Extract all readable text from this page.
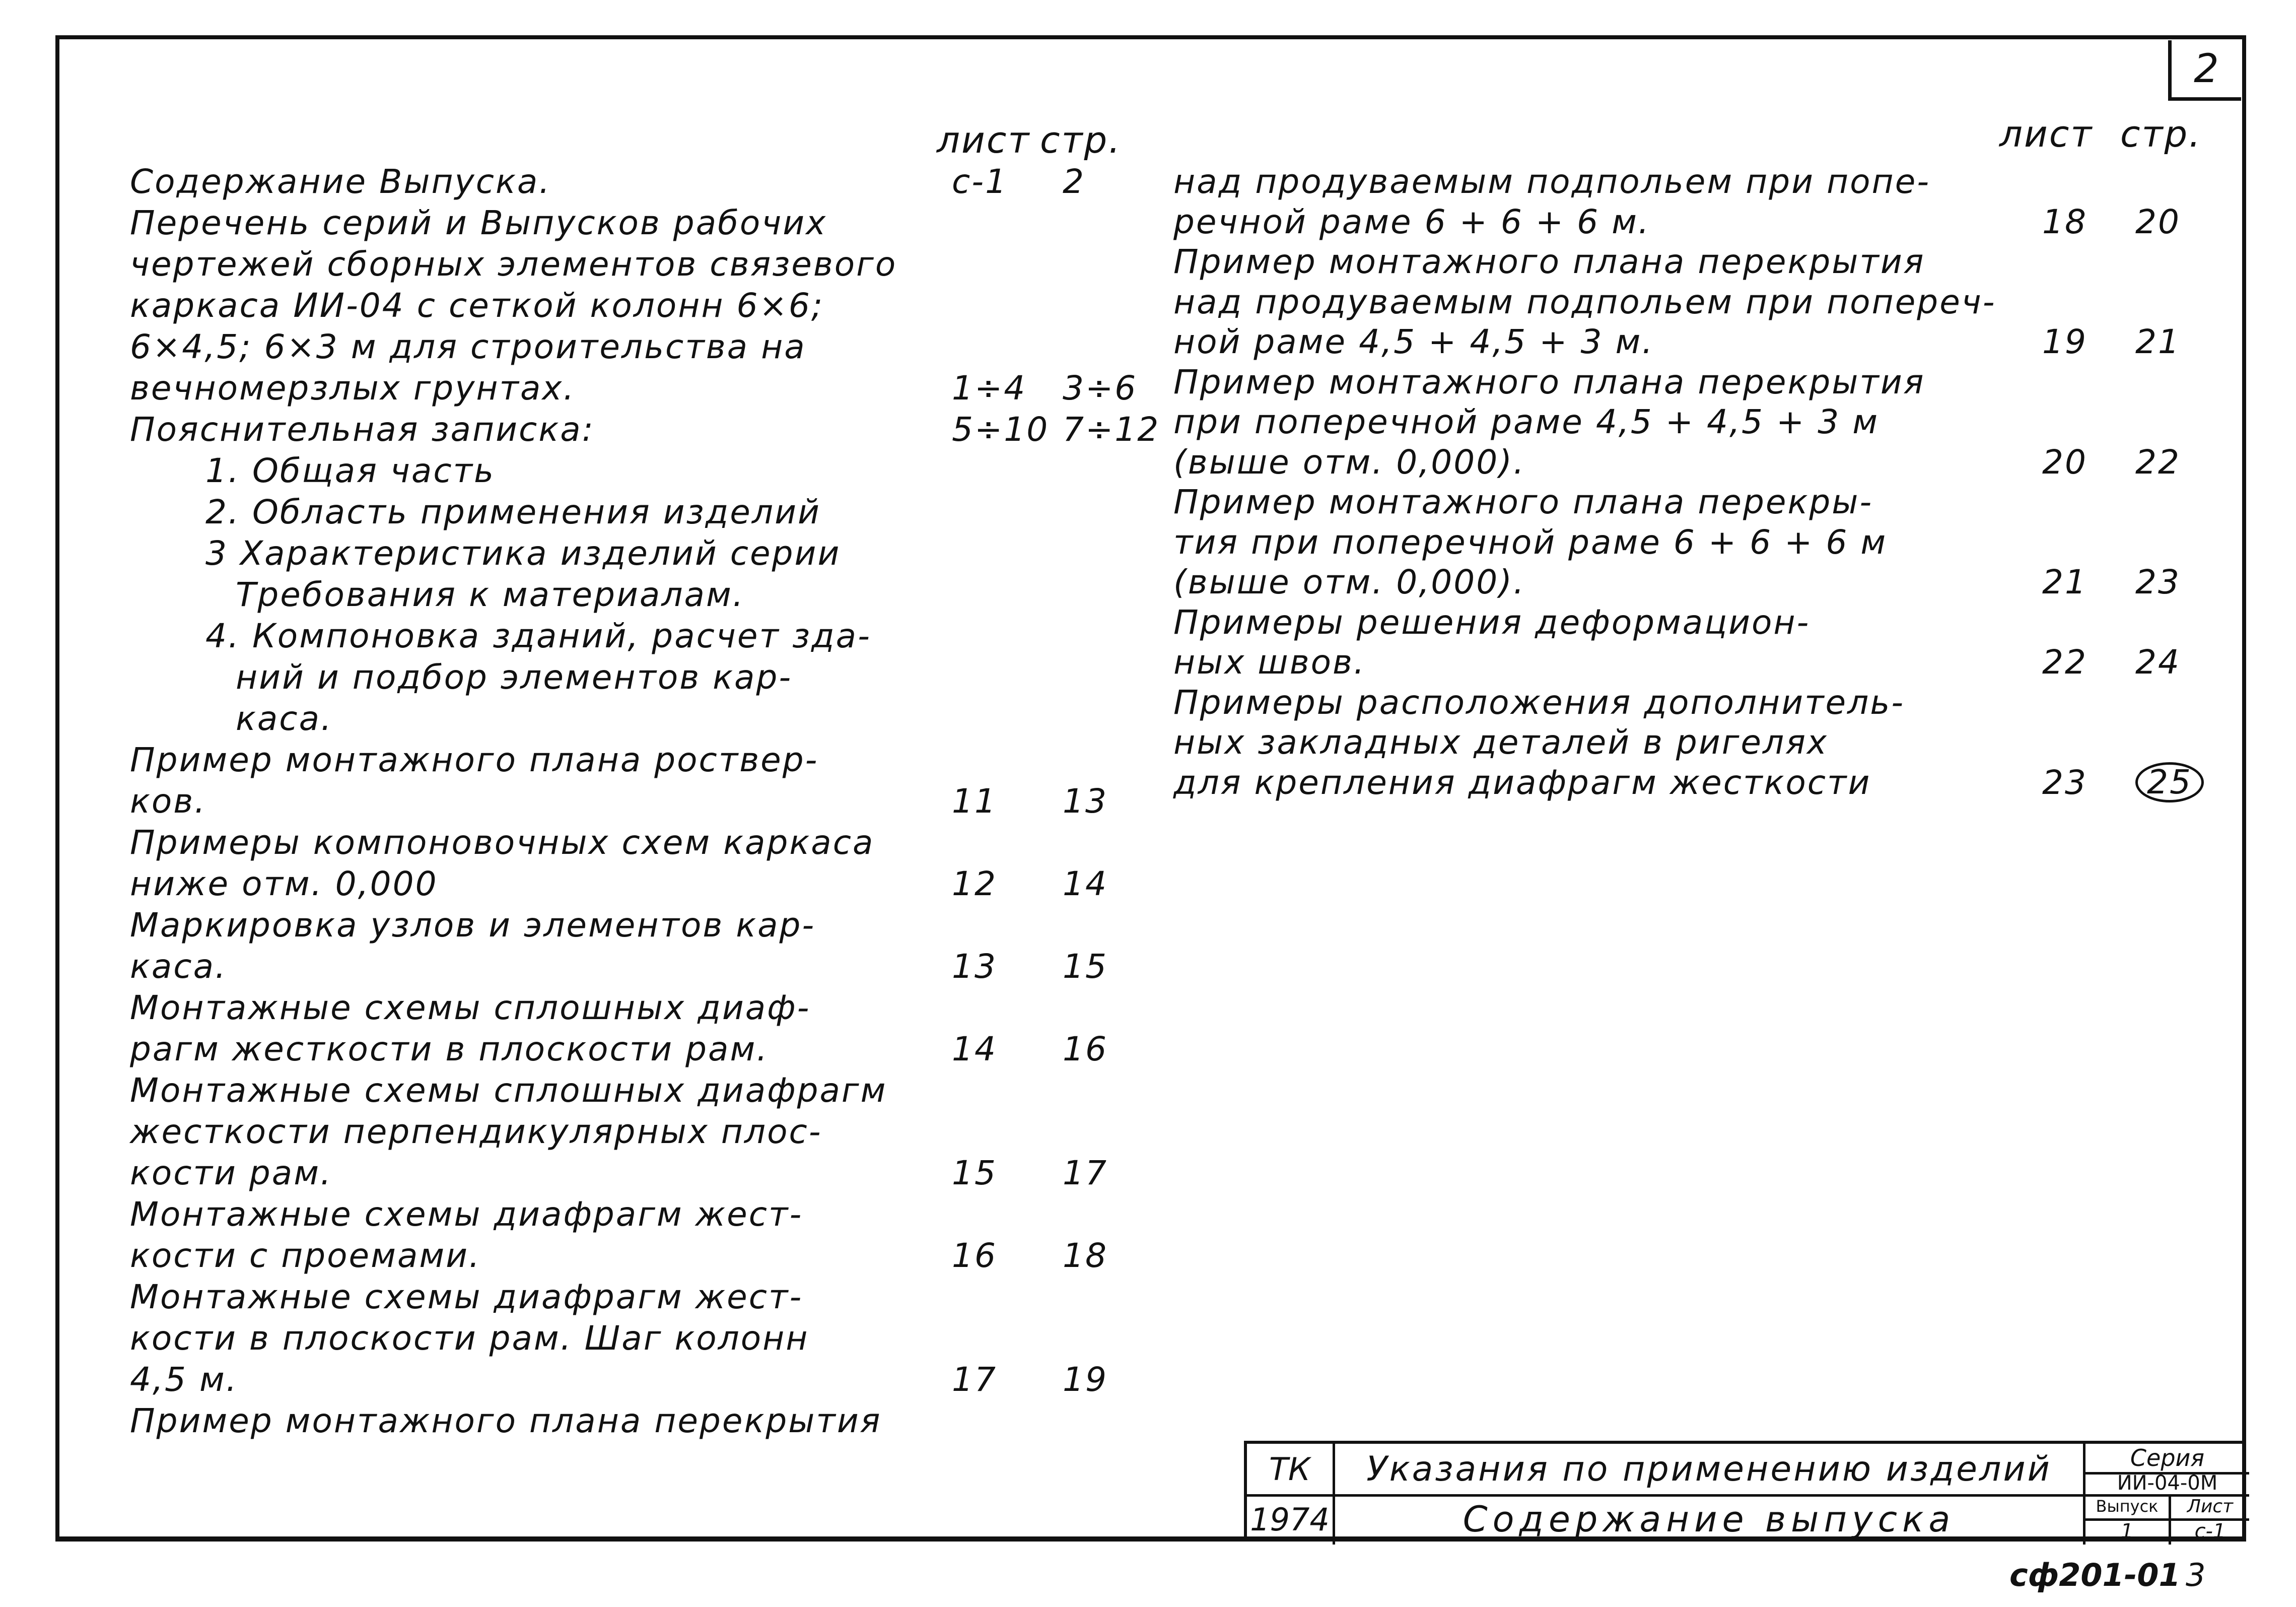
2
лист стр.	лист стр.
Содержание Выпуска.	с-1 2
Перечень серий и Выпусков рабочих
чертежей сборных элементов связевого
каркаса ИИ-04 с сеткой колонн 6×6;
6×4,5; 6×3 м для строительства на
вечномерзлых грунтах.	1÷4 3÷6
Пояснительная записка:	5÷10 7÷12
1. Общая часть
2. Область применения изделий
3 Характеристика изделий серии
Требования к материалам.
4. Компоновка зданий, расчет зда-
ний и подбор элементов кар-
каса.
Пример монтажного плана роствер-
ков.	11 13
Примеры компоновочных схем каркаса
ниже отм. 0,000	12 14
Маркировка узлов и элементов кар-
каса.	13 15
Монтажные схемы сплошных диаф-
рагм жесткости в плоскости рам.	14 16
Монтажные схемы сплошных диафрагм
жесткости перпендикулярных плос-
кости рам.	15 17
Монтажные схемы диафрагм жест-
кости с проемами.	16 18
Монтажные схемы диафрагм жест-
кости в плоскости рам. Шаг колонн
4,5 м.	17 19
Пример монтажного плана перекрытия
над продуваемым подпольем при попе-
речной раме 6 + 6 + 6 м.	18 20
Пример монтажного плана перекрытия
над продуваемым подпольем при попереч-
ной раме 4,5 + 4,5 + 3 м.	19 21
Пример монтажного плана перекрытия
при поперечной раме 4,5 + 4,5 + 3 м
(выше отм. 0,000).	20 22
Пример монтажного плана перекры-
тия при поперечной раме 6 + 6 + 6 м
(выше отм. 0,000).	21 23
Примеры решения деформацион-
ных швов.	22 24
Примеры расположения дополнитель-
ных закладных деталей в ригелях
для крепления диафрагм жесткости	23	25
ТК
1974
Указания по применению изделий
Содержание выпуска
Серия
ИИ-04-0М
Выпуск
1
Лист
с-1
сф201-01 3
